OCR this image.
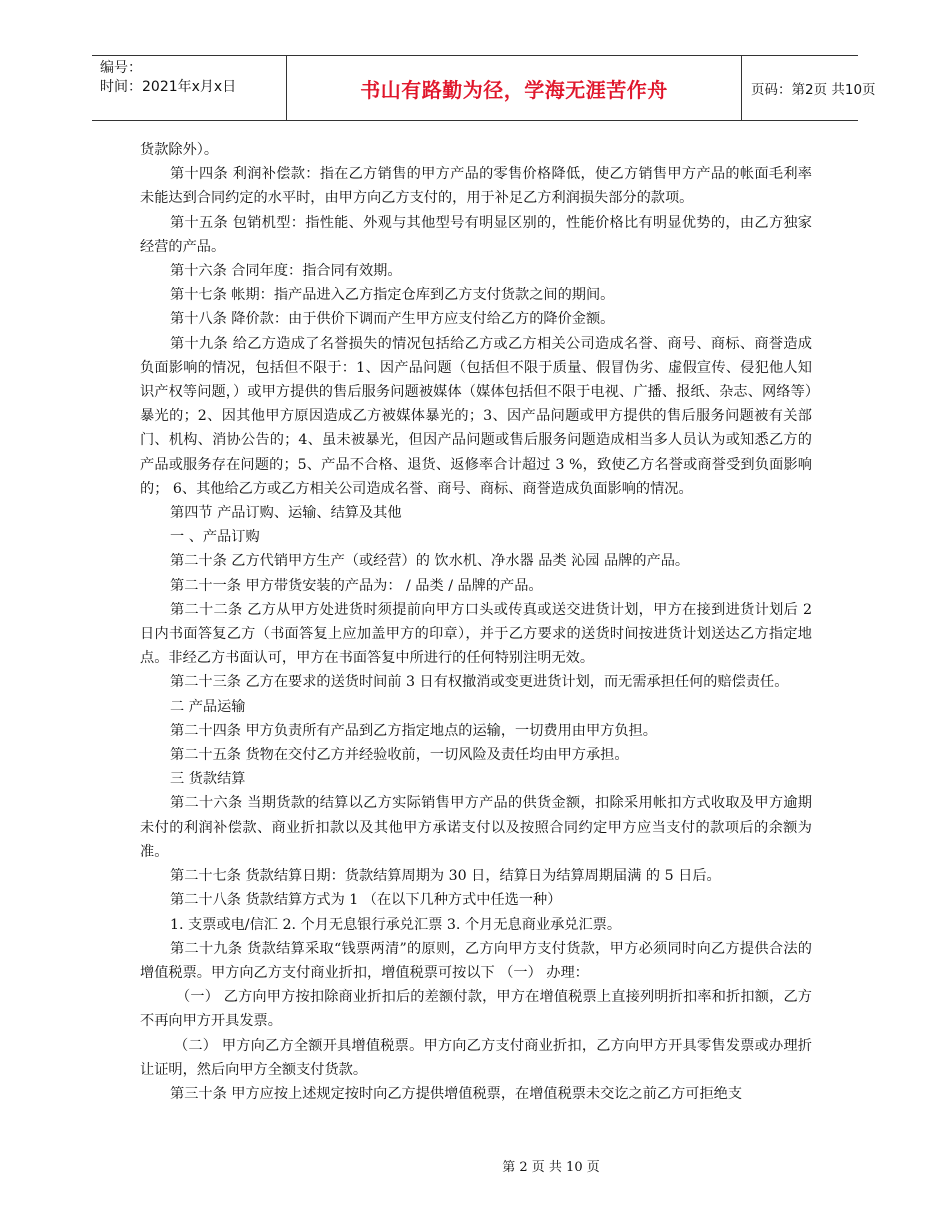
编号：
时间：2021年x月x日	书山有路勤为径，学海无涯苦作舟	页码：第2页 共10页

货款除外）。

第十四条 利润补偿款：指在乙方销售的甲方产品的零售价格降低，使乙方销售甲方产品的帐面毛利率未能达到合同约定的水平时，由甲方向乙方支付的，用于补足乙方利润损失部分的款项。

第十五条 包销机型：指性能、外观与其他型号有明显区别的，性能价格比有明显优势的，由乙方独家经营的产品。

第十六条 合同年度：指合同有效期。

第十七条 帐期：指产品进入乙方指定仓库到乙方支付货款之间的期间。

第十八条 降价款：由于供价下调而产生甲方应支付给乙方的降价金额。

第十九条 给乙方造成了名誉损失的情况包括给乙方或乙方相关公司造成名誉、商号、商标、商誉造成负面影响的情况，包括但不限于：1、因产品问题（包括但不限于质量、假冒伪劣、虚假宣传、侵犯他人知识产权等问题，）或甲方提供的售后服务问题被媒体（媒体包括但不限于电视、广播、报纸、杂志、网络等）暴光的；2、因其他甲方原因造成乙方被媒体暴光的；3、因产品问题或甲方提供的售后服务问题被有关部门、机构、消协公告的；4、虽未被暴光，但因产品问题或售后服务问题造成相当多人员认为或知悉乙方的产品或服务存在问题的；5、产品不合格、退货、返修率合计超过 3 %，致使乙方名誉或商誉受到负面影响的； 6、其他给乙方或乙方相关公司造成名誉、商号、商标、商誉造成负面影响的情况。

第四节 产品订购、运输、结算及其他

一 、产品订购

第二十条 乙方代销甲方生产（或经营）的 饮水机、净水器 品类 沁园 品牌的产品。

第二十一条 甲方带货安装的产品为： / 品类 / 品牌的产品。

第二十二条 乙方从甲方处进货时须提前向甲方口头或传真或送交进货计划，甲方在接到进货计划后 2 日内书面答复乙方（书面答复上应加盖甲方的印章），并于乙方要求的送货时间按进货计划送达乙方指定地点。非经乙方书面认可，甲方在书面答复中所进行的任何特别注明无效。

第二十三条 乙方在要求的送货时间前 3 日有权撤消或变更进货计划，而无需承担任何的赔偿责任。

二 产品运输

第二十四条 甲方负责所有产品到乙方指定地点的运输，一切费用由甲方负担。

第二十五条 货物在交付乙方并经验收前，一切风险及责任均由甲方承担。

三 货款结算

第二十六条 当期货款的结算以乙方实际销售甲方产品的供货金额，扣除采用帐扣方式收取及甲方逾期未付的利润补偿款、商业折扣款以及其他甲方承诺支付以及按照合同约定甲方应当支付的款项后的余额为准。

第二十七条 货款结算日期：货款结算周期为 30 日，结算日为结算周期届满 的 5 日后。

第二十八条 货款结算方式为 1 （在以下几种方式中任选一种）

1. 支票或电/信汇 2. 个月无息银行承兑汇票 3. 个月无息商业承兑汇票。

第二十九条 货款结算采取“钱票两清”的原则，乙方向甲方支付货款，甲方必须同时向乙方提供合法的增值税票。甲方向乙方支付商业折扣，增值税票可按以下 （一） 办理：

（一） 乙方向甲方按扣除商业折扣后的差额付款，甲方在增值税票上直接列明折扣率和折扣额，乙方不再向甲方开具发票。

（二） 甲方向乙方全额开具增值税票。甲方向乙方支付商业折扣，乙方向甲方开具零售发票或办理折让证明，然后向甲方全额支付货款。

第三十条 甲方应按上述规定按时向乙方提供增值税票，在增值税票未交讫之前乙方可拒绝支

第 2 页 共 10 页
